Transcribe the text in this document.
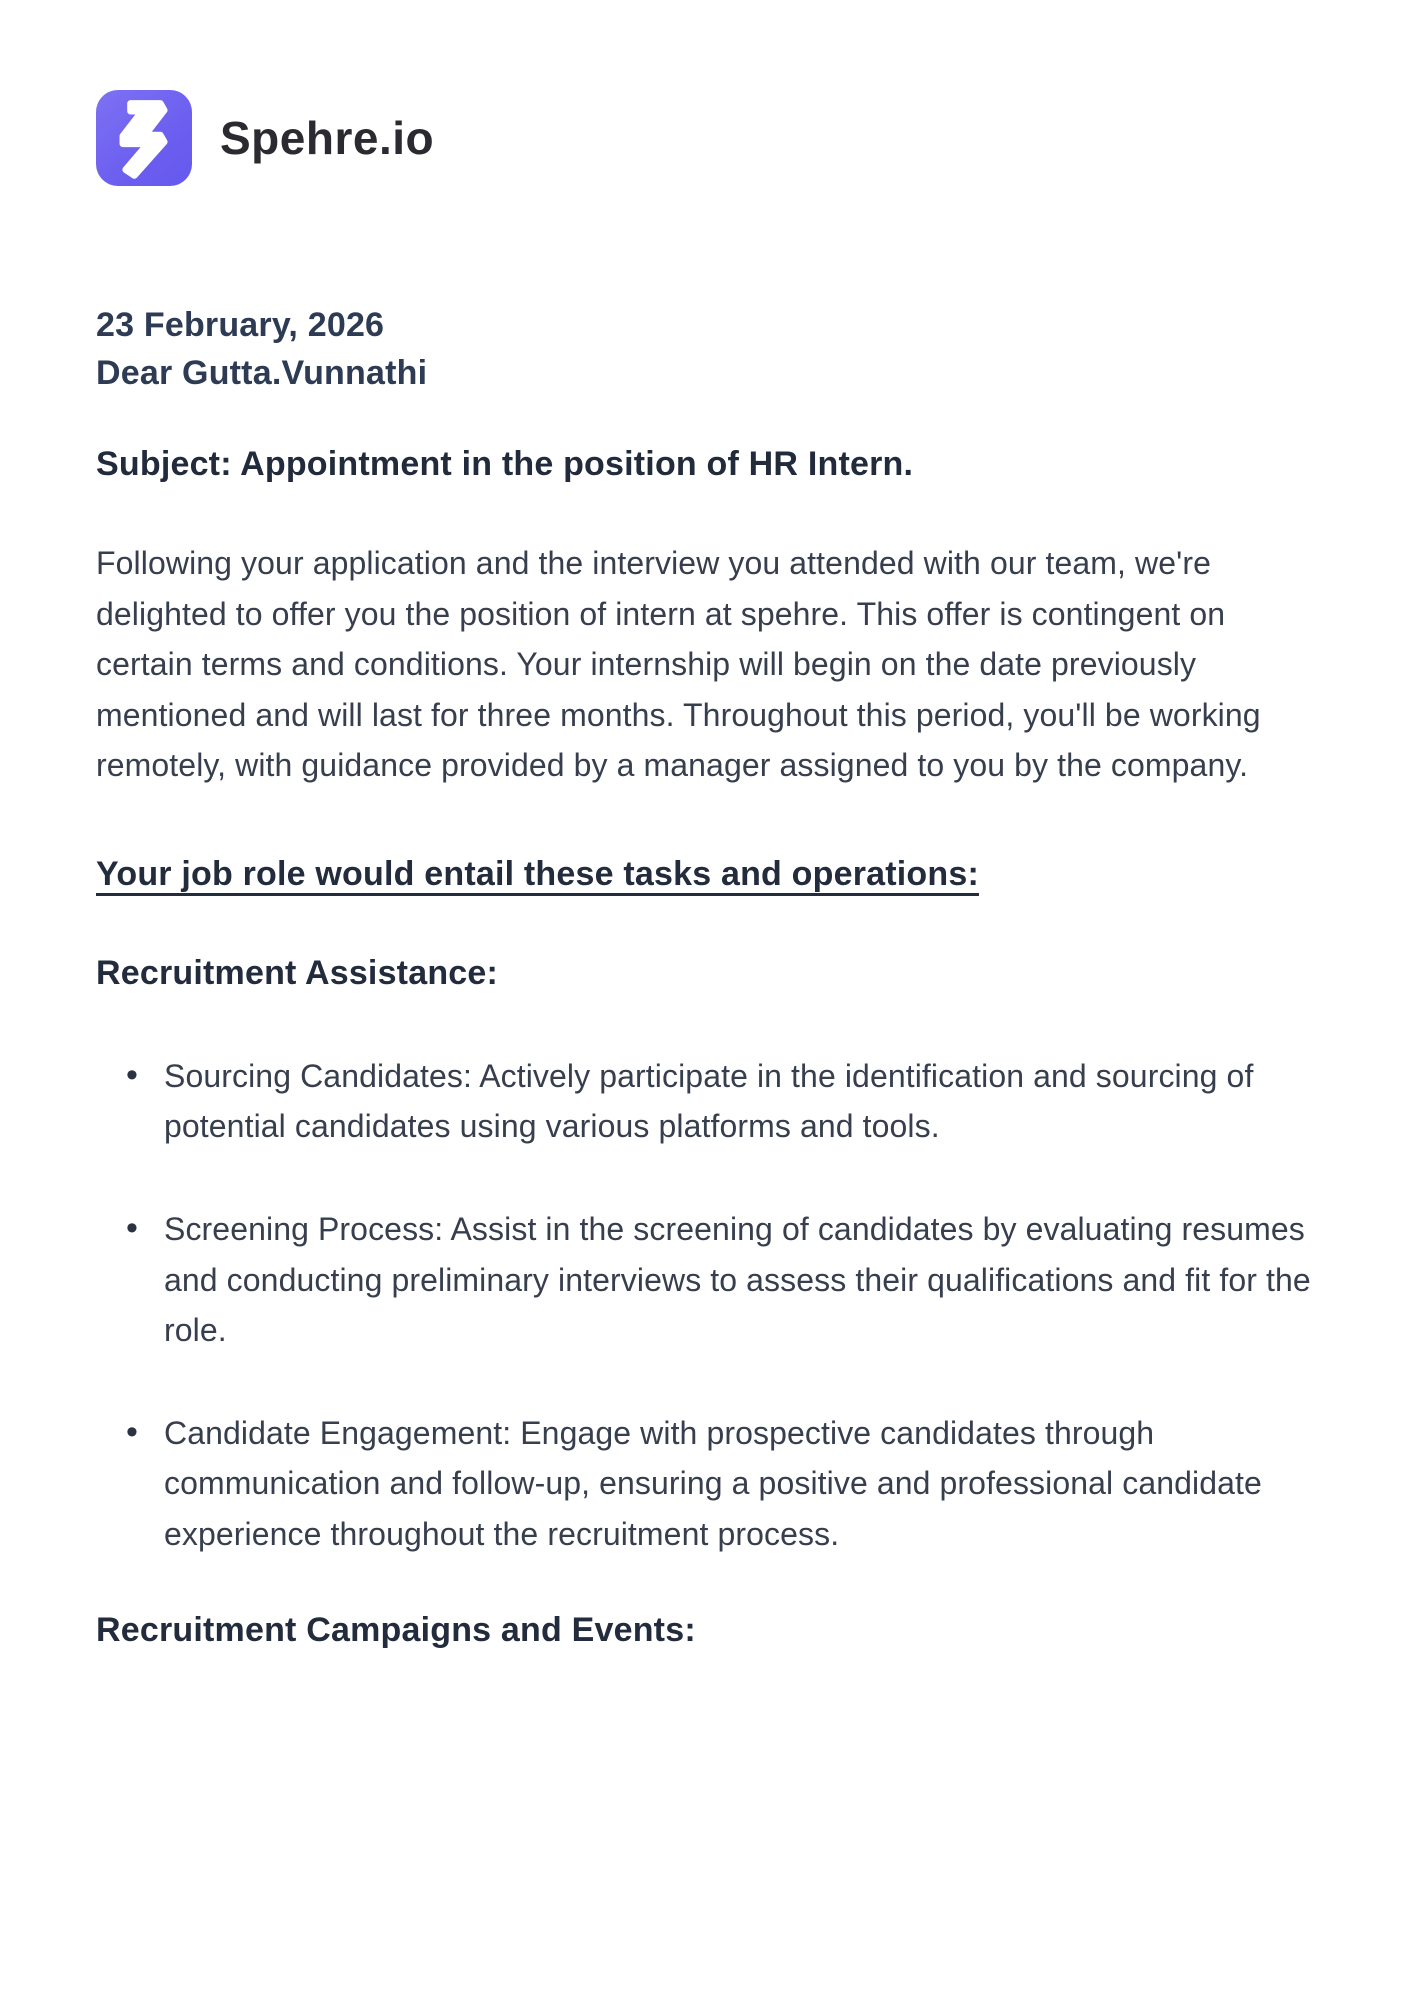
Spehre.io
23 February, 2026
Dear Gutta.Vunnathi
Subject: Appointment in the position of HR Intern.

Following your application and the interview you attended with our team, we're delighted to offer you the position of intern at spehre. This offer is contingent on certain terms and conditions. Your internship will begin on the date previously mentioned and will last for three months. Throughout this period, you'll be working remotely, with guidance provided by a manager assigned to you by the company.

Your job role would entail these tasks and operations:
Recruitment Assistance:
• Sourcing Candidates: Actively participate in the identification and sourcing of potential candidates using various platforms and tools.
• Screening Process: Assist in the screening of candidates by evaluating resumes and conducting preliminary interviews to assess their qualifications and fit for the role.
• Candidate Engagement: Engage with prospective candidates through communication and follow-up, ensuring a positive and professional candidate experience throughout the recruitment process.
Recruitment Campaigns and Events:
